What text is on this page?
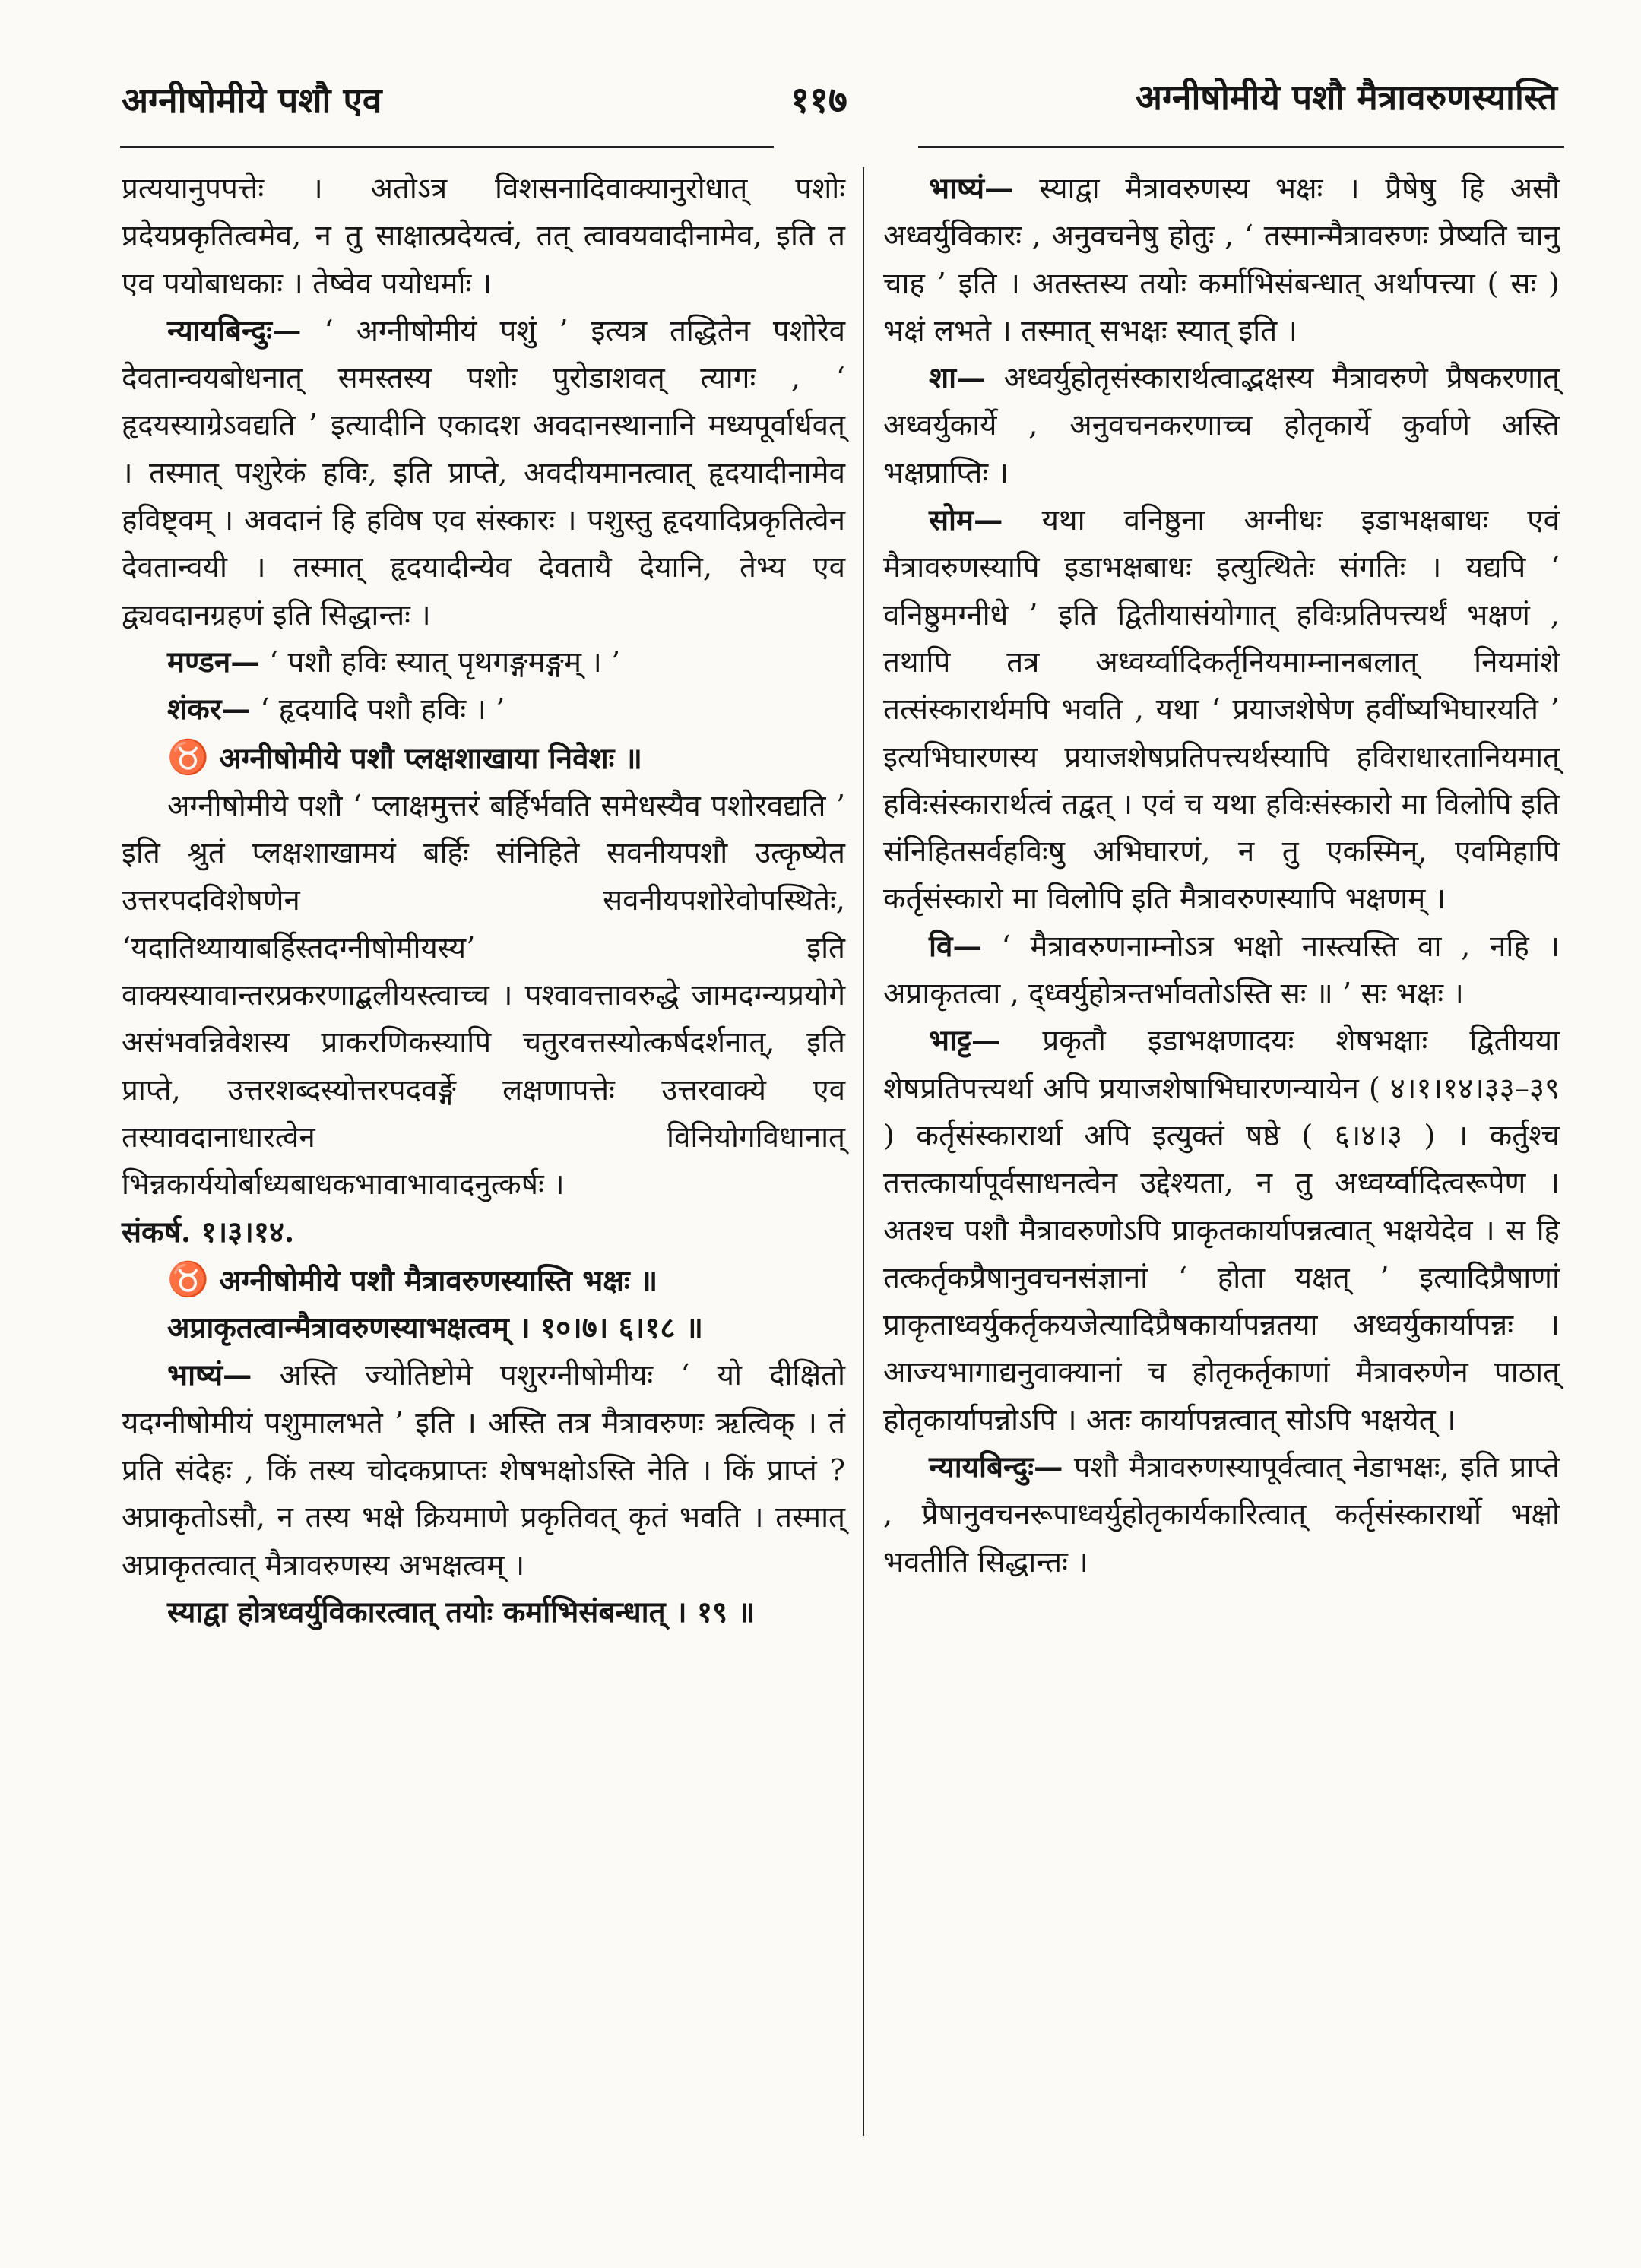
अग्नीषोमीये पशौ एव	११७	अग्नीषोमीये पशौ मैत्रावरुणस्यास्ति

प्रत्ययानुपपत्तेः । अतोऽत्र विशसनादिवाक्यानुरोधात् पशोः प्रदेयप्रकृतित्वमेव, न तु साक्षात्प्रदेयत्वं, तत् त्वावयवादीनामेव, इति त एव पयोबाधकाः । तेष्वेव पयोधर्माः ।

न्यायबिन्दुः— ‘ अग्नीषोमीयं पशुं ’ इत्यत्र तद्धितेन पशोरेव देवतान्वयबोधनात् समस्तस्य पशोः पुरोडाशवत् त्यागः , ‘ हृदयस्याग्रेऽवद्यति ’ इत्यादीनि एकादश अवदानस्थानानि मध्यपूर्वार्धवत् । तस्मात् पशुरेकं हविः, इति प्राप्ते, अवदीयमानत्वात् हृदयादीनामेव हविष्ट्वम् । अवदानं हि हविष एव संस्कारः । पशुस्तु हृदयादिप्रकृतित्वेन देवतान्वयी । तस्मात् हृदयादीन्येव देवतायै देयानि, तेभ्य एव द्व्यवदानग्रहणं इति सिद्धान्तः ।

मण्डन— ‘ पशौ हविः स्यात् पृथगङ्गमङ्गम् । ’

शंकर— ‘ हृदयादि पशौ हविः । ’

♉ अग्नीषोमीये पशौ प्लक्षशाखाया निवेशः ॥

अग्नीषोमीये पशौ ‘ प्लाक्षमुत्तरं बर्हिर्भवति समेधस्यैव पशोरवद्यति ’ इति श्रुतं प्लक्षशाखामयं बर्हिः संनिहिते सवनीयपशौ उत्कृष्येत उत्तरपदविशेषणेन सवनीयपशोरेवोपस्थितेः, ‘यदातिथ्यायाबर्हिस्तदग्नीषोमीयस्य’ इति वाक्यस्यावान्तरप्रकरणाद्बलीयस्त्वाच्च । पश्वावत्तावरुद्धे जामदग्न्यप्रयोगे असंभवन्निवेशस्य प्राकरणिकस्यापि चतुरवत्तस्योत्कर्षदर्शनात्, इति प्राप्ते, उत्तरशब्दस्योत्तरपदवर्ङ्गे लक्षणापत्तेः उत्तरवाक्ये एव तस्यावदानाधारत्वेन विनियोगविधानात् भिन्नकार्ययोर्बाध्यबाधकभावाभावादनुत्कर्षः ।

संकर्ष. १।३।१४.

♉ अग्नीषोमीये पशौ मैत्रावरुणस्यास्ति भक्षः ॥

अप्राकृतत्वान्मैत्रावरुणस्याभक्षत्वम् । १०।७। ६।१८ ॥

भाष्यं— अस्ति ज्योतिष्टोमे पशुरग्नीषोमीयः ‘ यो दीक्षितो यदग्नीषोमीयं पशुमालभते ’ इति । अस्ति तत्र मैत्रावरुणः ऋत्विक् । तं प्रति संदेहः , किं तस्य चोदकप्राप्तः शेषभक्षोऽस्ति नेति । किं प्राप्तं ? अप्राकृतोऽसौ, न तस्य भक्षे क्रियमाणे प्रकृतिवत् कृतं भवति । तस्मात् अप्राकृतत्वात् मैत्रावरुणस्य अभक्षत्वम् ।

स्याद्वा होत्रध्वर्युविकारत्वात् तयोः कर्माभिसंबन्धात् । १९ ॥

भाष्यं— स्याद्वा मैत्रावरुणस्य भक्षः । प्रैषेषु हि असौ अध्वर्युविकारः , अनुवचनेषु होतुः , ‘ तस्मान्मैत्रावरुणः प्रेष्यति चानु चाह ’ इति । अतस्तस्य तयोः कर्माभिसंबन्धात् अर्थापत्त्या ( सः ) भक्षं लभते । तस्मात् सभक्षः स्यात् इति ।

शा— अध्वर्युहोतृसंस्कारार्थत्वाद्भक्षस्य मैत्रावरुणे प्रैषकरणात् अध्वर्युकार्ये , अनुवचनकरणाच्च होतृकार्ये कुर्वाणे अस्ति भक्षप्राप्तिः ।

सोम— यथा वनिष्ठुना अग्नीधः इडाभक्षबाधः एवं मैत्रावरुणस्यापि इडाभक्षबाधः इत्युत्थितेः संगतिः । यद्यपि ‘ वनिष्ठुमग्नीधे ’ इति द्वितीयासंयोगात् हविःप्रतिपत्त्यर्थं भक्षणं , तथापि तत्र अध्वर्य्वादिकर्तृनियमाम्नानबलात् नियमांशे तत्संस्कारार्थमपि भवति , यथा ‘ प्रयाजशेषेण हवींष्यभिघारयति ’ इत्यभिघारणस्य प्रयाजशेषप्रतिपत्त्यर्थस्यापि हविराधारतानियमात् हविःसंस्कारार्थत्वं तद्वत् । एवं च यथा हविःसंस्कारो मा विलोपि इति संनिहितसर्वहविःषु अभिघारणं, न तु एकस्मिन्, एवमिहापि कर्तृसंस्कारो मा विलोपि इति मैत्रावरुणस्यापि भक्षणम् ।

वि— ‘ मैत्रावरुणनाम्नोऽत्र भक्षो नास्त्यस्ति वा , नहि । अप्राकृतत्वा , द्ध्वर्युहोत्रन्तर्भावतोऽस्ति सः ॥ ’ सः भक्षः ।

भाट्ट— प्रकृतौ इडाभक्षणादयः शेषभक्षाः द्वितीयया शेषप्रतिपत्त्यर्था अपि प्रयाजशेषाभिघारणन्यायेन ( ४।१।१४।३३–३९ ) कर्तृसंस्कारार्था अपि इत्युक्तं षष्ठे ( ६।४।३ ) । कर्तुश्च तत्तत्कार्यापूर्वसाधनत्वेन उद्देश्यता, न तु अध्वर्य्वादित्वरूपेण । अतश्च पशौ मैत्रावरुणोऽपि प्राकृतकार्यापन्नत्वात् भक्षयेदेव । स हि तत्कर्तृकप्रैषानुवचनसंज्ञानां ‘ होता यक्षत् ’ इत्यादिप्रैषाणां प्राकृताध्वर्युकर्तृकयजेत्यादिप्रैषकार्यापन्नतया अध्वर्युकार्यापन्नः । आज्यभागाद्यनुवाक्यानां च होतृकर्तृकाणां मैत्रावरुणेन पाठात् होतृकार्यापन्नोऽपि । अतः कार्यापन्नत्वात् सोऽपि भक्षयेत् ।

न्यायबिन्दुः— पशौ मैत्रावरुणस्यापूर्वत्वात् नेडाभक्षः, इति प्राप्ते , प्रैषानुवचनरूपाध्वर्युहोतृकार्यकारित्वात् कर्तृसंस्कारार्थो भक्षो भवतीति सिद्धान्तः ।
